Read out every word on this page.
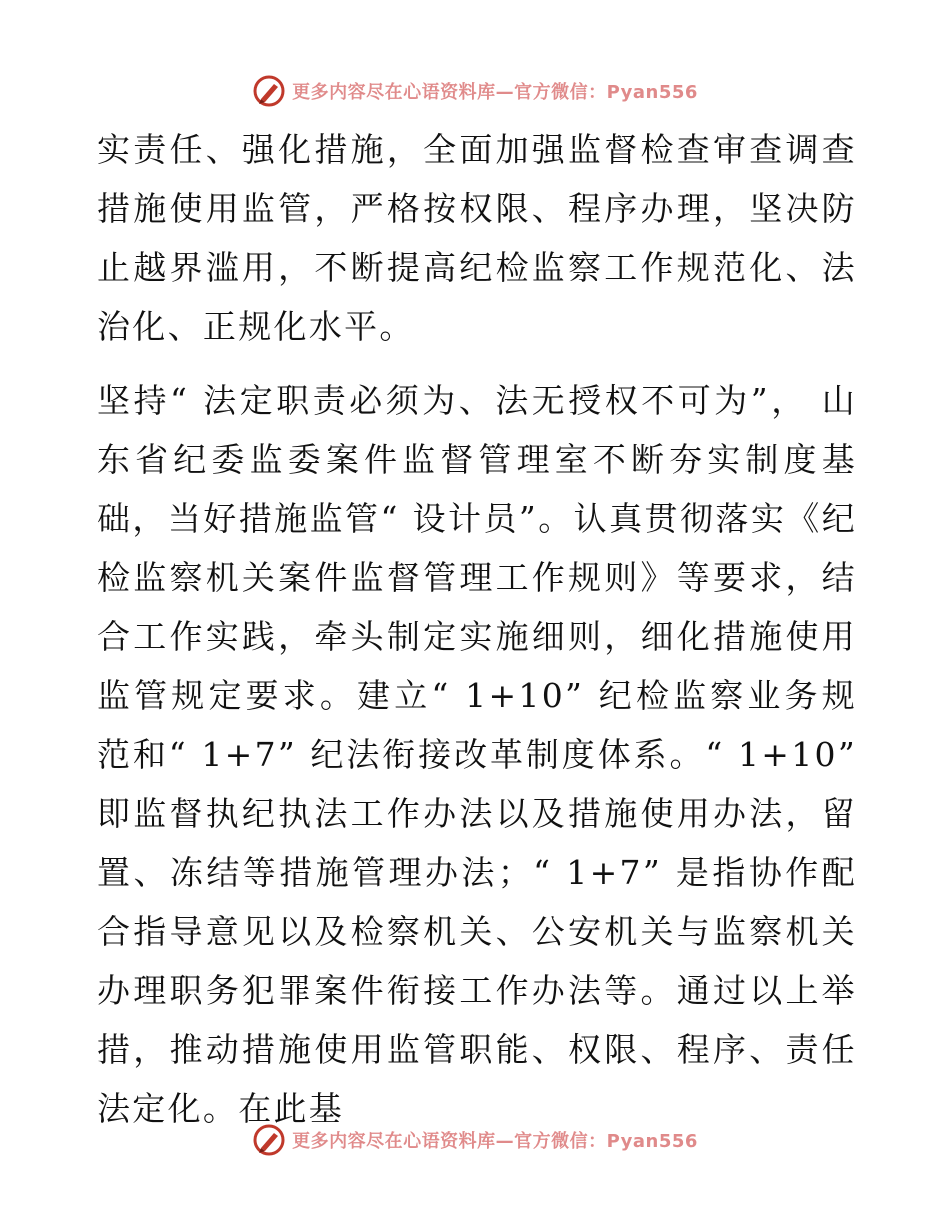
更多内容尽在心语资料库—官方微信：Pyan556

实责任、强化措施，全面加强监督检查审查调查措施使用监管，严格按权限、程序办理，坚决防止越界滥用，不断提高纪检监察工作规范化、法治化、正规化水平。

坚持“ 法定职责必须为、法无授权不可为”， 山东省纪委监委案件监督管理室不断夯实制度基础，当好措施监管“ 设计员”。认真贯彻落实《纪检监察机关案件监督管理工作规则》等要求，结合工作实践，牵头制定实施细则，细化措施使用监管规定要求。建立“ 1+10” 纪检监察业务规范和“ 1+7” 纪法衔接改革制度体系。“ 1+10” 即监督执纪执法工作办法以及措施使用办法，留置、冻结等措施管理办法；“ 1+7” 是指协作配合指导意见以及检察机关、公安机关与监察机关办理职务犯罪案件衔接工作办法等。通过以上举措，推动措施使用监管职能、权限、程序、责任法定化。在此基

更多内容尽在心语资料库—官方微信：Pyan556
